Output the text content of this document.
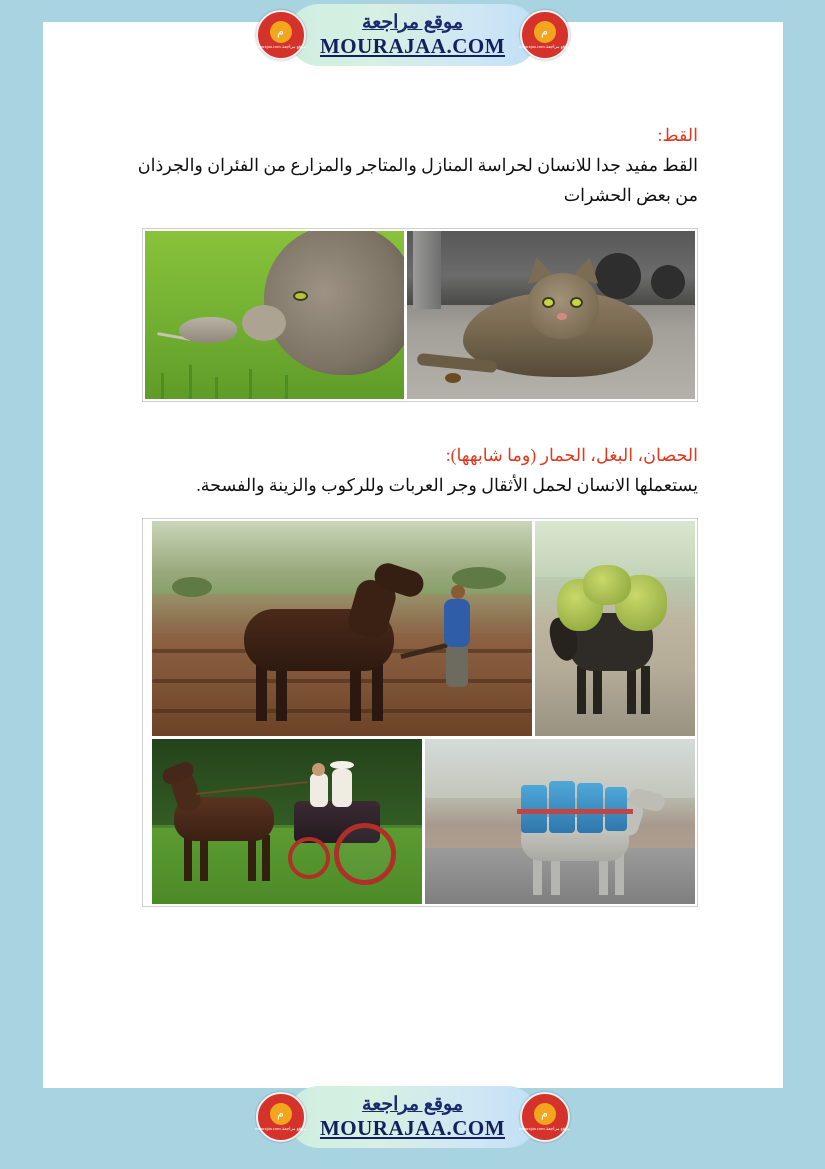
م
موقع مراجعة mourajaa.com
موقع مراجعة
MOURAJAA.COM
م
موقع مراجعة mourajaa.com

القط:

القط مفيد جدا للانسان لحراسة المنازل والمتاجر والمزارع من الفئران والجرذان من بعض الحشرات

الحصان، البغل، الحمار (وما شابهها):

يستعملها الانسان لحمل الأثقال وجر العربات وللركوب والزينة والفسحة.

م
موقع مراجعة mourajaa.com
موقع مراجعة
MOURAJAA.COM
م
موقع مراجعة mourajaa.com
